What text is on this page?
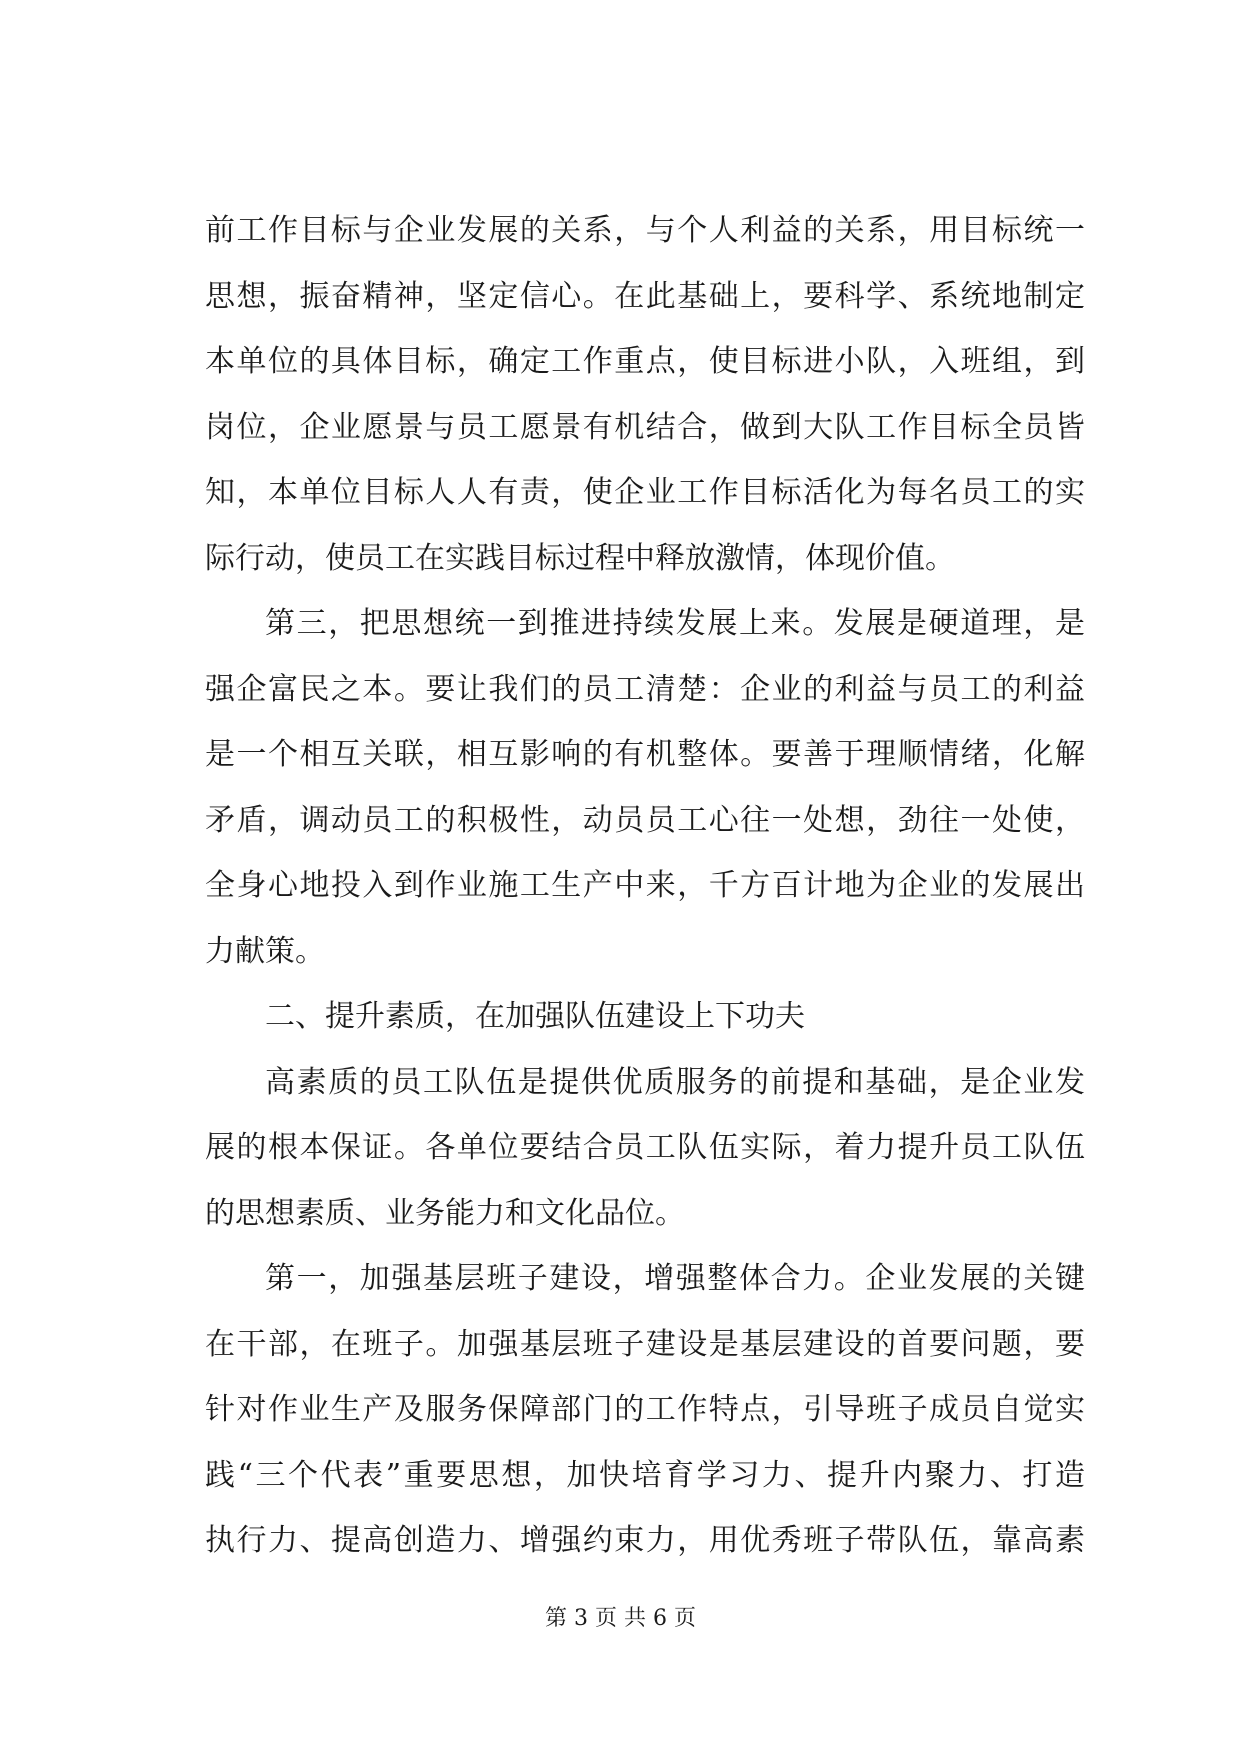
前工作目标与企业发展的关系，与个人利益的关系，用目标统一
思想，振奋精神，坚定信心。在此基础上，要科学、系统地制定
本单位的具体目标，确定工作重点，使目标进小队，入班组，到
岗位，企业愿景与员工愿景有机结合，做到大队工作目标全员皆
知，本单位目标人人有责，使企业工作目标活化为每名员工的实
际行动，使员工在实践目标过程中释放激情，体现价值。
第三，把思想统一到推进持续发展上来。发展是硬道理，是
强企富民之本。要让我们的员工清楚：企业的利益与员工的利益
是一个相互关联，相互影响的有机整体。要善于理顺情绪，化解
矛盾，调动员工的积极性，动员员工心往一处想，劲往一处使，
全身心地投入到作业施工生产中来，千方百计地为企业的发展出
力献策。
二、提升素质，在加强队伍建设上下功夫
高素质的员工队伍是提供优质服务的前提和基础，是企业发
展的根本保证。各单位要结合员工队伍实际，着力提升员工队伍
的思想素质、业务能力和文化品位。
第一，加强基层班子建设，增强整体合力。企业发展的关键
在干部，在班子。加强基层班子建设是基层建设的首要问题，要
针对作业生产及服务保障部门的工作特点，引导班子成员自觉实
践“三个代表”重要思想，加快培育学习力、提升内聚力、打造
执行力、提高创造力、增强约束力，用优秀班子带队伍，靠高素
第 3 页 共 6 页
